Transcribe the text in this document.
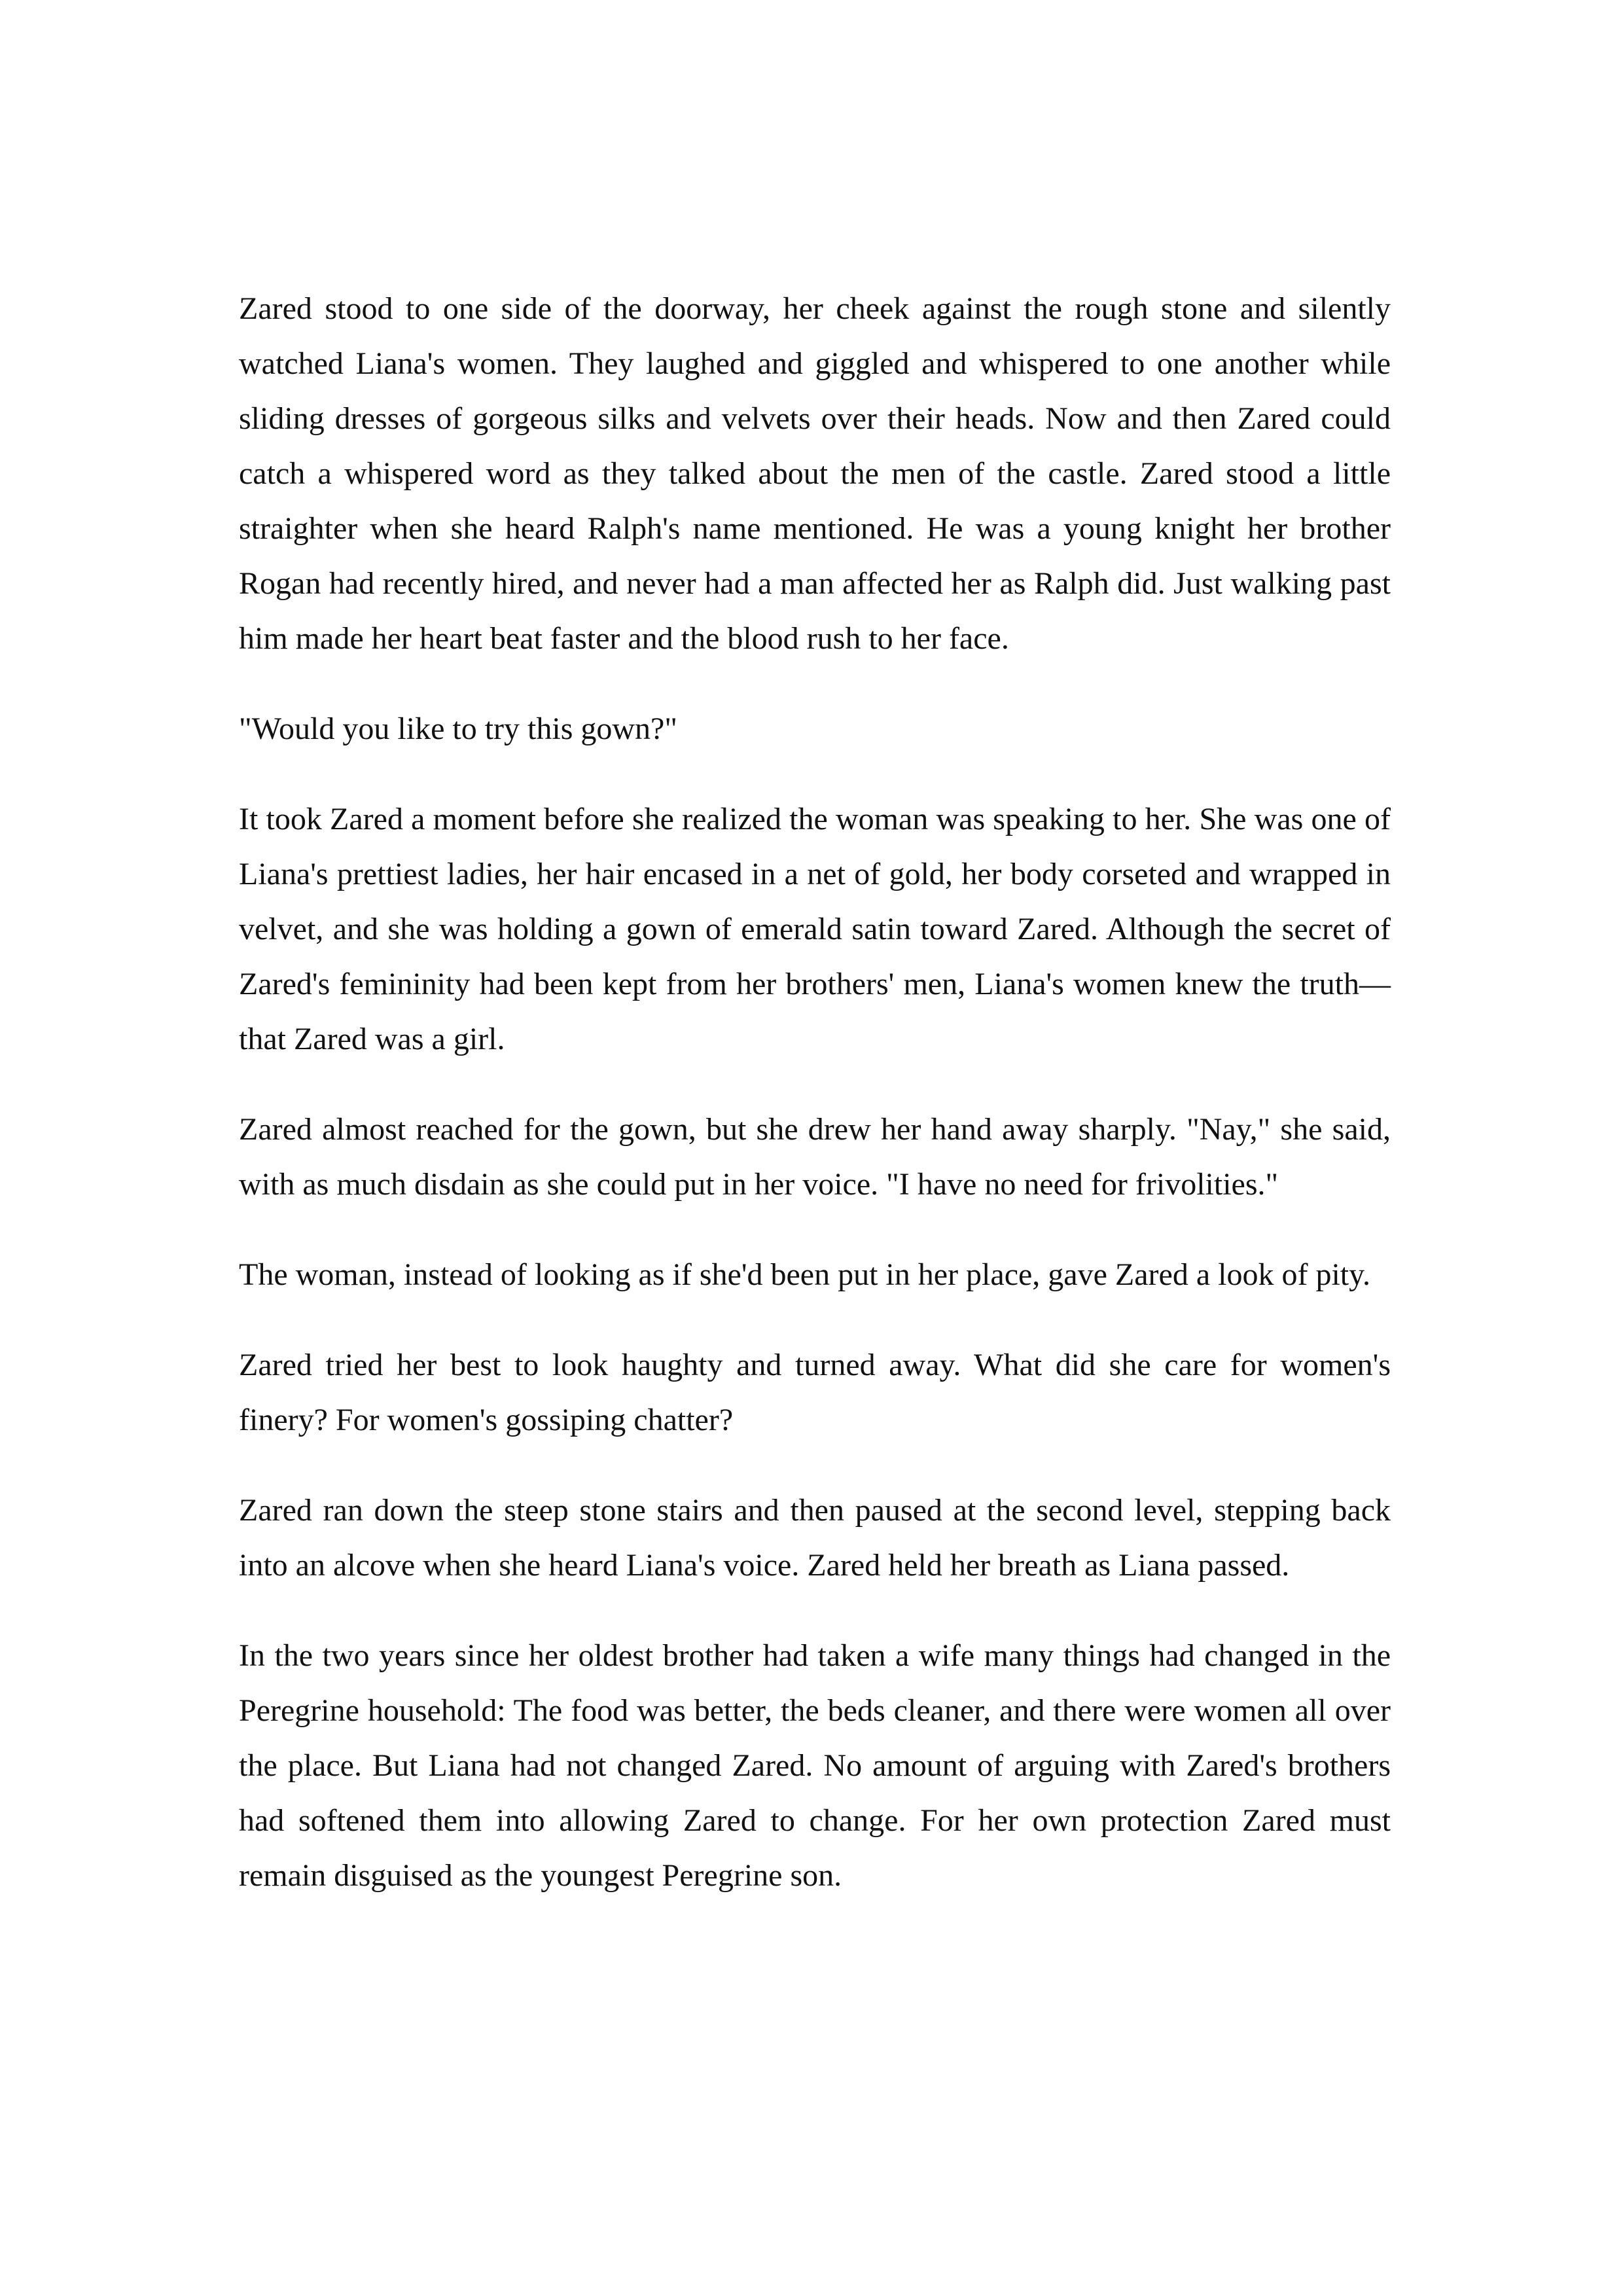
Zared stood to one side of the doorway, her cheek against the rough stone and silently watched Liana's women. They laughed and giggled and whispered to one another while sliding dresses of gorgeous silks and velvets over their heads. Now and then Zared could catch a whispered word as they talked about the men of the castle. Zared stood a little straighter when she heard Ralph's name mentioned. He was a young knight her brother Rogan had recently hired, and never had a man affected her as Ralph did. Just walking past him made her heart beat faster and the blood rush to her face.

"Would you like to try this gown?"

It took Zared a moment before she realized the woman was speaking to her. She was one of Liana's prettiest ladies, her hair encased in a net of gold, her body corseted and wrapped in velvet, and she was holding a gown of emerald satin toward Zared. Although the secret of Zared's femininity had been kept from her brothers' men, Liana's women knew the truth—that Zared was a girl.

Zared almost reached for the gown, but she drew her hand away sharply. "Nay," she said, with as much disdain as she could put in her voice. "I have no need for frivolities."

The woman, instead of looking as if she'd been put in her place, gave Zared a look of pity.

Zared tried her best to look haughty and turned away. What did she care for women's finery? For women's gossiping chatter?

Zared ran down the steep stone stairs and then paused at the second level, stepping back into an alcove when she heard Liana's voice. Zared held her breath as Liana passed.

In the two years since her oldest brother had taken a wife many things had changed in the Peregrine household: The food was better, the beds cleaner, and there were women all over the place. But Liana had not changed Zared. No amount of arguing with Zared's brothers had softened them into allowing Zared to change. For her own protection Zared must remain disguised as the youngest Peregrine son.
